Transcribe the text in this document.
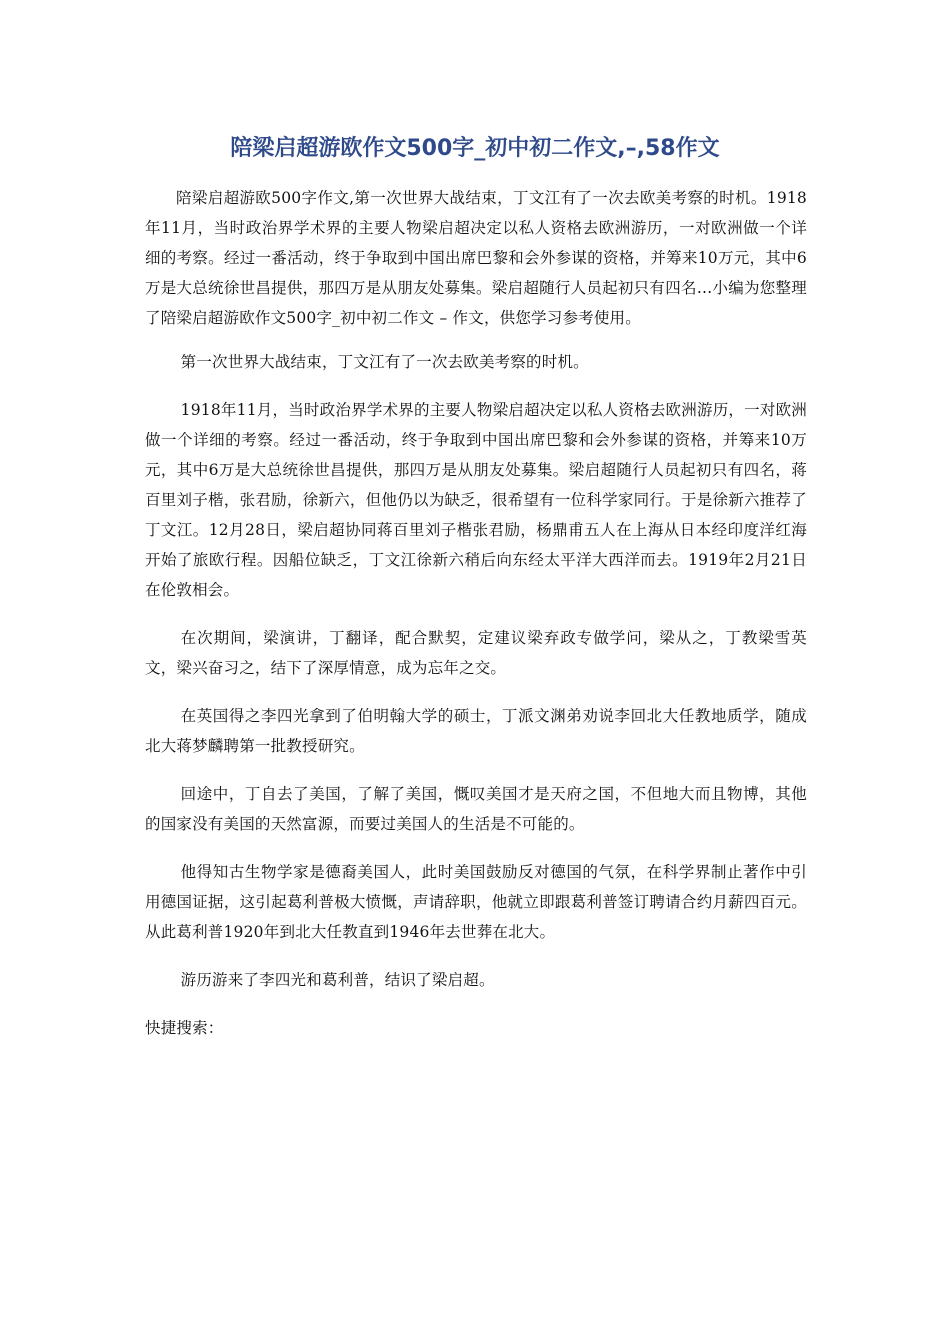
陪梁启超游欧作文500字_初中初二作文,–,58作文

陪梁启超游欧500字作文,第一次世界大战结束，丁文江有了一次去欧美考察的时机。1918年11月，当时政治界学术界的主要人物梁启超决定以私人资格去欧洲游历，一对欧洲做一个详细的考察。经过一番活动，终于争取到中国出席巴黎和会外参谋的资格，并筹来10万元，其中6万是大总统徐世昌提供，那四万是从朋友处募集。梁启超随行人员起初只有四名…小编为您整理了陪梁启超游欧作文500字_初中初二作文 – 作文，供您学习参考使用。

第一次世界大战结束，丁文江有了一次去欧美考察的时机。

1918年11月，当时政治界学术界的主要人物梁启超决定以私人资格去欧洲游历，一对欧洲做一个详细的考察。经过一番活动，终于争取到中国出席巴黎和会外参谋的资格，并筹来10万元，其中6万是大总统徐世昌提供，那四万是从朋友处募集。梁启超随行人员起初只有四名，蒋百里刘子楷，张君励，徐新六，但他仍以为缺乏，很希望有一位科学家同行。于是徐新六推荐了丁文江。12月28日，梁启超协同蒋百里刘子楷张君励，杨鼎甫五人在上海从日本经印度洋红海开始了旅欧行程。因船位缺乏，丁文江徐新六稍后向东经太平洋大西洋而去。1919年2月21日在伦敦相会。

在次期间，梁演讲，丁翻译，配合默契，定建议梁弃政专做学问，梁从之，丁教梁雪英文，梁兴奋习之，结下了深厚情意，成为忘年之交。

在英国得之李四光拿到了伯明翰大学的硕士，丁派文渊弟劝说李回北大任教地质学，随成北大蒋梦麟聘第一批教授研究。

回途中，丁自去了美国，了解了美国，慨叹美国才是天府之国，不但地大而且物博，其他的国家没有美国的天然富源，而要过美国人的生活是不可能的。

他得知古生物学家是德裔美国人，此时美国鼓励反对德国的气氛，在科学界制止著作中引用德国证据，这引起葛利普极大愤慨，声请辞职，他就立即跟葛利普签订聘请合约月薪四百元。从此葛利普1920年到北大任教直到1946年去世葬在北大。

游历游来了李四光和葛利普，结识了梁启超。

快捷搜索：
